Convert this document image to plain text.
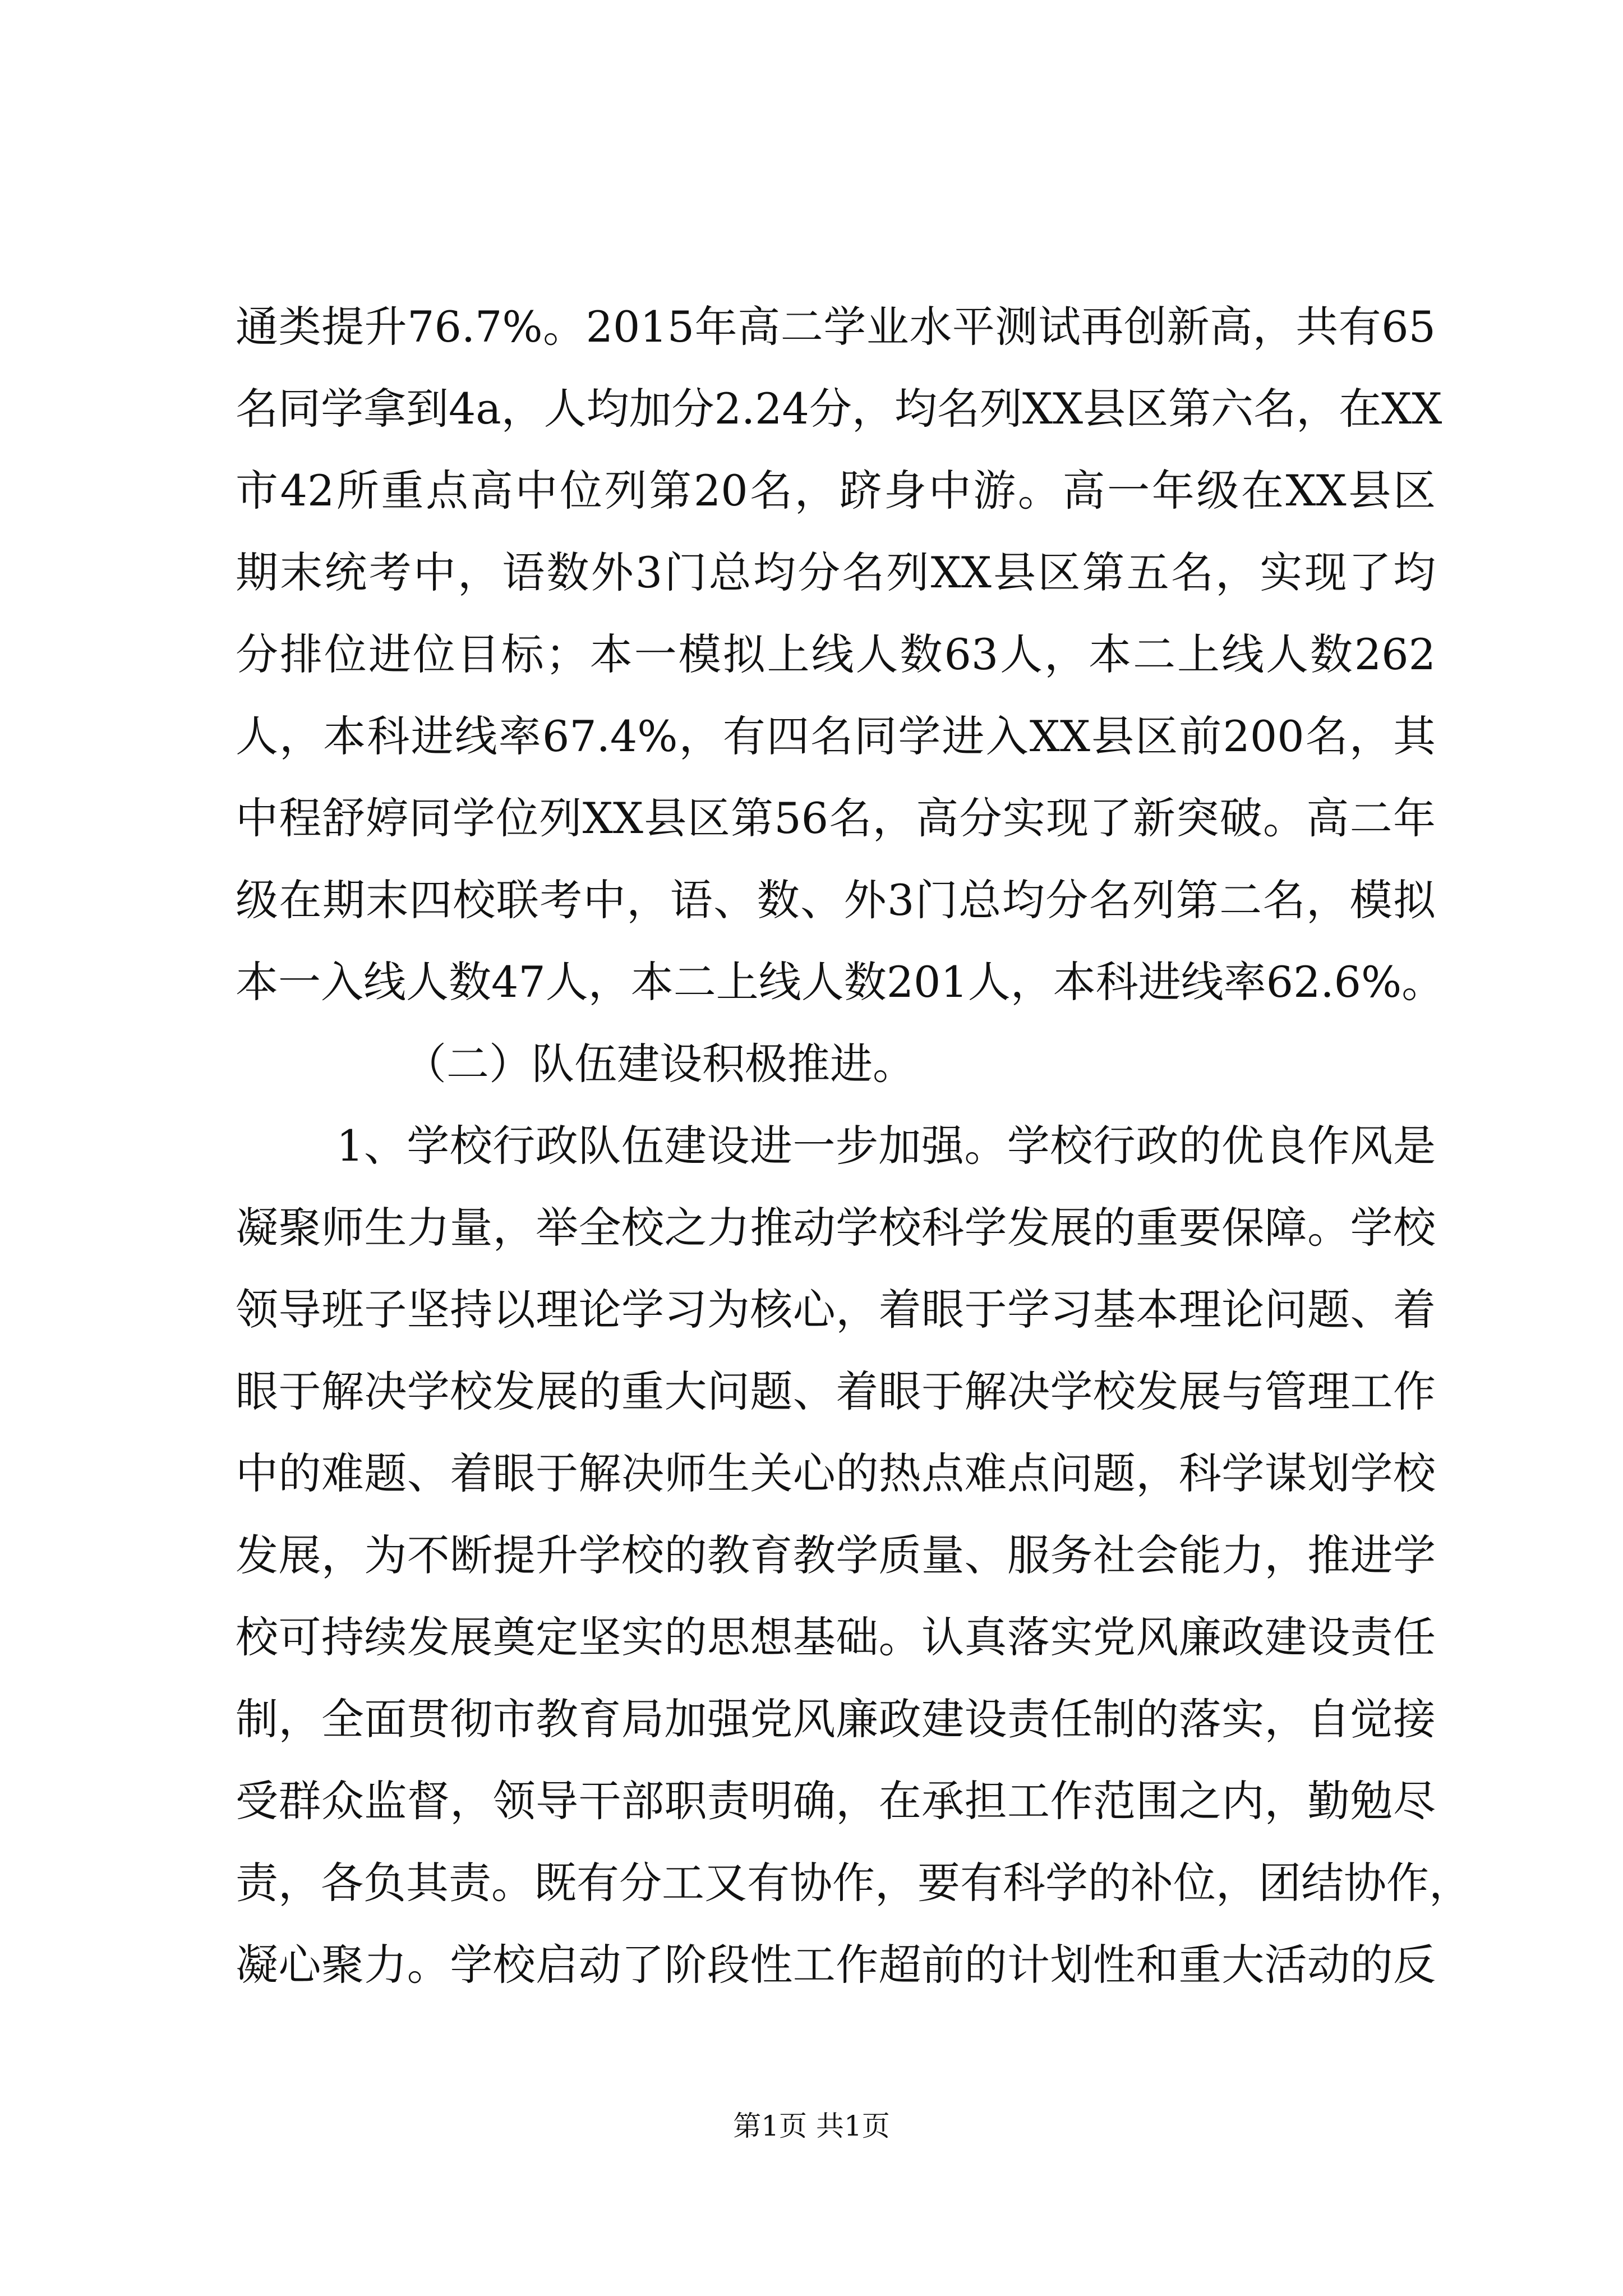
通类提升76.7%。2015年高二学业水平测试再创新高，共有65
名同学拿到4a，人均加分2.24分，均名列XX县区第六名，在XX
市42所重点高中位列第20名，跻身中游。高一年级在XX县区
期末统考中，语数外3门总均分名列XX县区第五名，实现了均
分排位进位目标；本一模拟上线人数63人，本二上线人数262
人，本科进线率67.4%，有四名同学进入XX县区前200名，其
中程舒婷同学位列XX县区第56名，高分实现了新突破。高二年
级在期末四校联考中，语、数、外3门总均分名列第二名，模拟
本一入线人数47人，本二上线人数201人，本科进线率62.6%。
（二）队伍建设积极推进。
1、学校行政队伍建设进一步加强。学校行政的优良作风是
凝聚师生力量，举全校之力推动学校科学发展的重要保障。学校
领导班子坚持以理论学习为核心，着眼于学习基本理论问题、着
眼于解决学校发展的重大问题、着眼于解决学校发展与管理工作
中的难题、着眼于解决师生关心的热点难点问题，科学谋划学校
发展，为不断提升学校的教育教学质量、服务社会能力，推进学
校可持续发展奠定坚实的思想基础。认真落实党风廉政建设责任
制，全面贯彻市教育局加强党风廉政建设责任制的落实，自觉接
受群众监督，领导干部职责明确，在承担工作范围之内，勤勉尽
责，各负其责。既有分工又有协作，要有科学的补位，团结协作，
凝心聚力。学校启动了阶段性工作超前的计划性和重大活动的反
第1页 共1页
